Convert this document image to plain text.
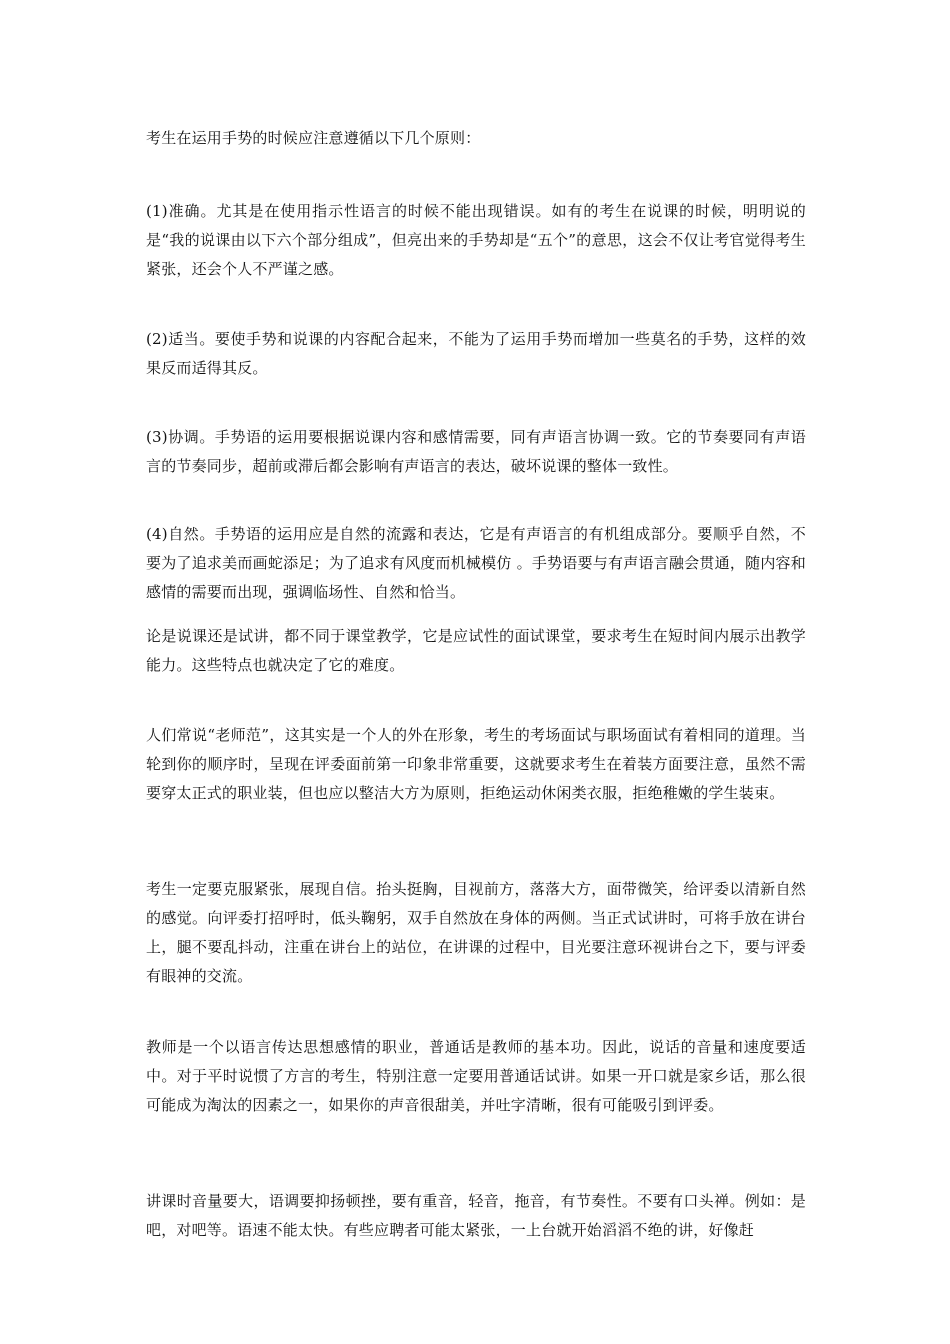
考生在运用手势的时候应注意遵循以下几个原则：

(1)准确。尤其是在使用指示性语言的时候不能出现错误。如有的考生在说课的时候，明明说的是“我的说课由以下六个部分组成”，但亮出来的手势却是“五个”的意思，这会不仅让考官觉得考生紧张，还会个人不严谨之感。

(2)适当。要使手势和说课的内容配合起来，不能为了运用手势而增加一些莫名的手势，这样的效果反而适得其反。

(3)协调。手势语的运用要根据说课内容和感情需要，同有声语言协调一致。它的节奏要同有声语言的节奏同步，超前或滞后都会影响有声语言的表达，破坏说课的整体一致性。

(4)自然。手势语的运用应是自然的流露和表达，它是有声语言的有机组成部分。要顺乎自然，不要为了追求美而画蛇添足；为了追求有风度而机械模仿 。手势语要与有声语言融会贯通，随内容和感情的需要而出现，强调临场性、自然和恰当。

论是说课还是试讲，都不同于课堂教学，它是应试性的面试课堂，要求考生在短时间内展示出教学能力。这些特点也就决定了它的难度。

人们常说“老师范”，这其实是一个人的外在形象，考生的考场面试与职场面试有着相同的道理。当轮到你的顺序时，呈现在评委面前第一印象非常重要，这就要求考生在着装方面要注意，虽然不需要穿太正式的职业装，但也应以整洁大方为原则，拒绝运动休闲类衣服，拒绝稚嫩的学生装束。

考生一定要克服紧张，展现自信。抬头挺胸，目视前方，落落大方，面带微笑，给评委以清新自然的感觉。向评委打招呼时，低头鞠躬，双手自然放在身体的两侧。当正式试讲时，可将手放在讲台上，腿不要乱抖动，注重在讲台上的站位，在讲课的过程中，目光要注意环视讲台之下，要与评委有眼神的交流。

教师是一个以语言传达思想感情的职业，普通话是教师的基本功。因此，说话的音量和速度要适中。对于平时说惯了方言的考生，特别注意一定要用普通话试讲。如果一开口就是家乡话，那么很可能成为淘汰的因素之一，如果你的声音很甜美，并吐字清晰，很有可能吸引到评委。

讲课时音量要大，语调要抑扬顿挫，要有重音，轻音，拖音，有节奏性。不要有口头禅。例如：是吧，对吧等。语速不能太快。有些应聘者可能太紧张，一上台就开始滔滔不绝的讲，好像赶
